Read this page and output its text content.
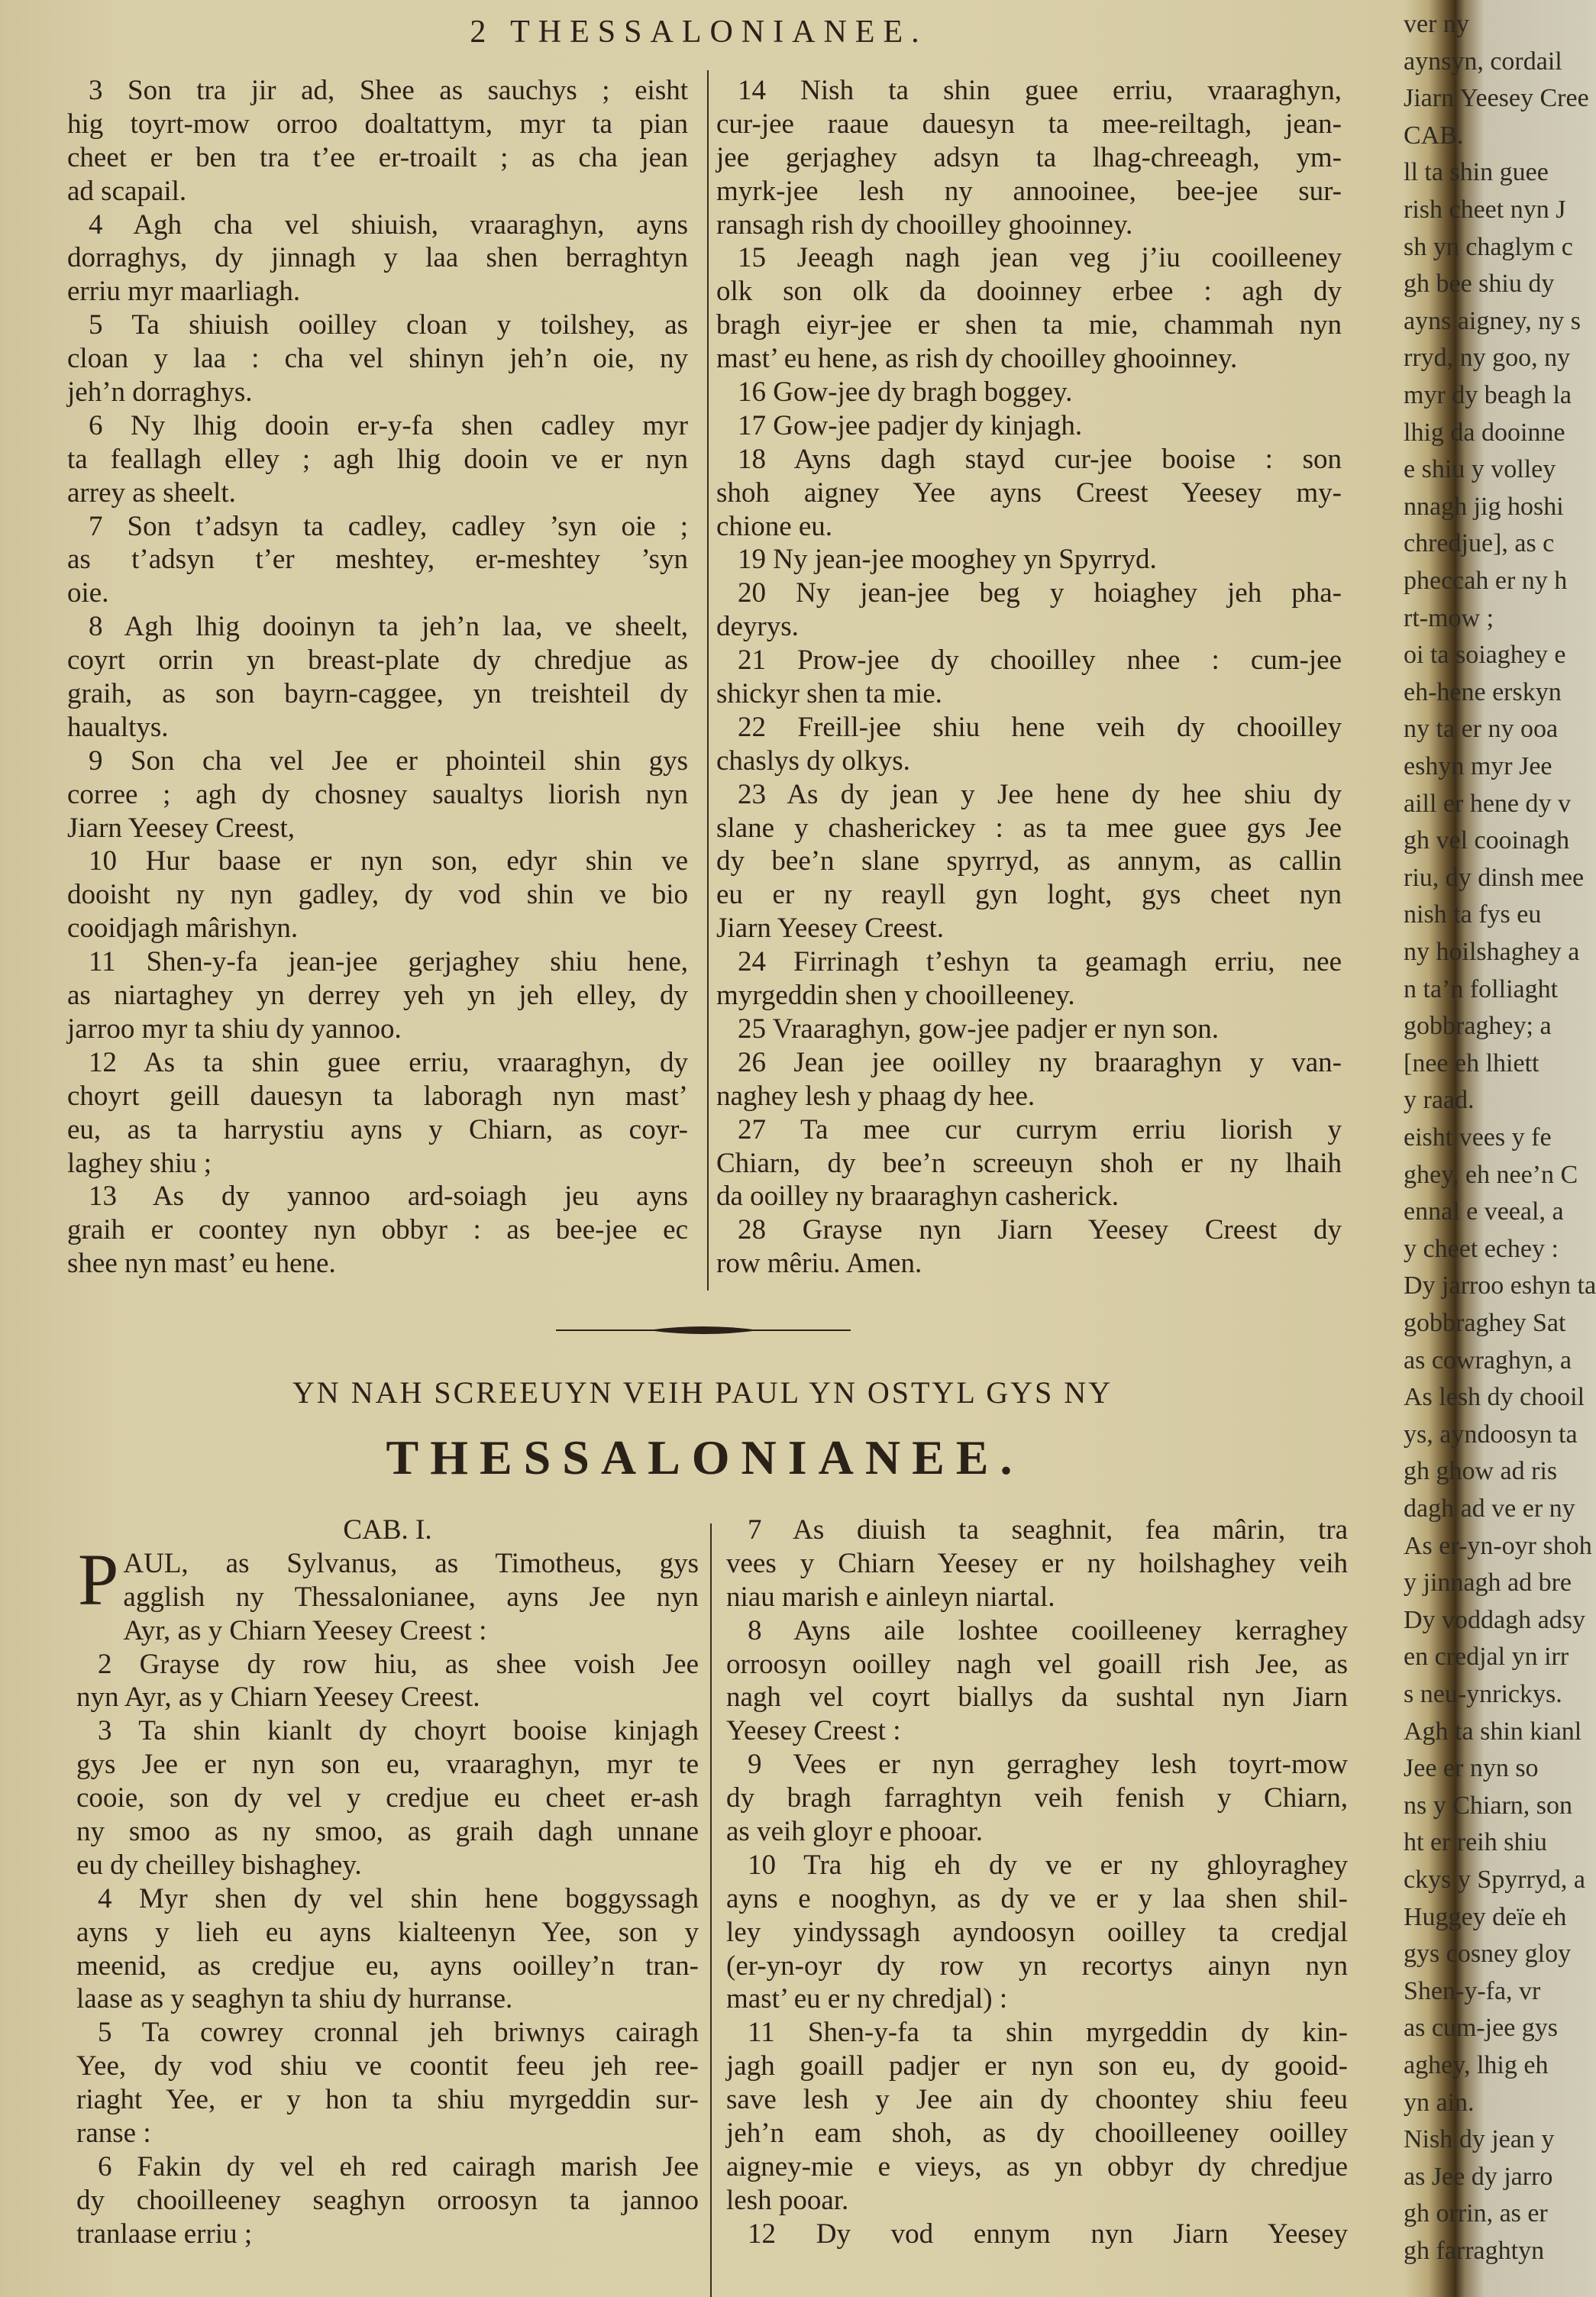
2 THESSALONIANEE.
3 Son tra jir ad, Shee as sauchys ; eisht
hig toyrt-mow orroo doaltattym, myr ta pian
cheet er ben tra t’ee er-troailt ; as cha jean
ad scapail.
4 Agh cha vel shiuish, vraaraghyn, ayns
dorraghys, dy jinnagh y laa shen berraghtyn
erriu myr maarliagh.
5 Ta shiuish ooilley cloan y toilshey, as
cloan y laa : cha vel shinyn jeh’n oie, ny
jeh’n dorraghys.
6 Ny lhig dooin er-y-fa shen cadley myr
ta feallagh elley ; agh lhig dooin ve er nyn
arrey as sheelt.
7 Son t’adsyn ta cadley, cadley ’syn oie ;
as t’adsyn t’er meshtey, er-meshtey ’syn
oie.
8 Agh lhig dooinyn ta jeh’n laa, ve sheelt,
coyrt orrin yn breast-plate dy chredjue as
graih, as son bayrn-caggee, yn treishteil dy
haualtys.
9 Son cha vel Jee er phointeil shin gys
corree ; agh dy chosney saualtys liorish nyn
Jiarn Yeesey Creest,
10 Hur baase er nyn son, edyr shin ve
dooisht ny nyn gadley, dy vod shin ve bio
cooidjagh mârishyn.
11 Shen-y-fa jean-jee gerjaghey shiu hene,
as niartaghey yn derrey yeh yn jeh elley, dy
jarroo myr ta shiu dy yannoo.
12 As ta shin guee erriu, vraaraghyn, dy
choyrt geill dauesyn ta laboragh nyn mast’
eu, as ta harrystiu ayns y Chiarn, as coyr-
laghey shiu ;
13 As dy yannoo ard-soiagh jeu ayns
graih er coontey nyn obbyr : as bee-jee ec
shee nyn mast’ eu hene.
14 Nish ta shin guee erriu, vraaraghyn,
cur-jee raaue dauesyn ta mee-reiltagh, jean-
jee gerjaghey adsyn ta lhag-chreeagh, ym-
myrk-jee lesh ny annooinee, bee-jee sur-
ransagh rish dy chooilley ghooinney.
15 Jeeagh nagh jean veg j’iu cooilleeney
olk son olk da dooinney erbee : agh dy
bragh eiyr-jee er shen ta mie, chammah nyn
mast’ eu hene, as rish dy chooilley ghooinney.
16 Gow-jee dy bragh boggey.
17 Gow-jee padjer dy kinjagh.
18 Ayns dagh stayd cur-jee booise : son
shoh aigney Yee ayns Creest Yeesey my-
chione eu.
19 Ny jean-jee mooghey yn Spyrryd.
20 Ny jean-jee beg y hoiaghey jeh pha-
deyrys.
21 Prow-jee dy chooilley nhee : cum-jee
shickyr shen ta mie.
22 Freill-jee shiu hene veih dy chooilley
chaslys dy olkys.
23 As dy jean y Jee hene dy hee shiu dy
slane y chasherickey : as ta mee guee gys Jee
dy bee’n slane spyrryd, as annym, as callin
eu er ny reayll gyn loght, gys cheet nyn
Jiarn Yeesey Creest.
24 Firrinagh t’eshyn ta geamagh erriu, nee
myrgeddin shen y chooilleeney.
25 Vraaraghyn, gow-jee padjer er nyn son.
26 Jean jee ooilley ny braaraghyn y van-
naghey lesh y phaag dy hee.
27 Ta mee cur currym erriu liorish y
Chiarn, dy bee’n screeuyn shoh er ny lhaih
da ooilley ny braaraghyn casherick.
28 Grayse nyn Jiarn Yeesey Creest dy
row mêriu. Amen.
YN NAH SCREEUYN VEIH PAUL YN OSTYL GYS NY
THESSALONIANEE.
CAB. I.
P AUL, as Sylvanus, as Timotheus, gys
agglish ny Thessalonianee, ayns Jee nyn
Ayr, as y Chiarn Yeesey Creest :
2 Grayse dy row hiu, as shee voish Jee
nyn Ayr, as y Chiarn Yeesey Creest.
3 Ta shin kianlt dy choyrt booise kinjagh
gys Jee er nyn son eu, vraaraghyn, myr te
cooie, son dy vel y credjue eu cheet er-ash
ny smoo as ny smoo, as graih dagh unnane
eu dy cheilley bishaghey.
4 Myr shen dy vel shin hene boggyssagh
ayns y lieh eu ayns kialteenyn Yee, son y
meenid, as credjue eu, ayns ooilley’n tran-
laase as y seaghyn ta shiu dy hurranse.
5 Ta cowrey cronnal jeh briwnys cairagh
Yee, dy vod shiu ve coontit feeu jeh ree-
riaght Yee, er y hon ta shiu myrgeddin sur-
ranse :
6 Fakin dy vel eh red cairagh marish Jee
dy chooilleeney seaghyn orroosyn ta jannoo
tranlaase erriu ;
7 As diuish ta seaghnit, fea mârin, tra
vees y Chiarn Yeesey er ny hoilshaghey veih
niau marish e ainleyn niartal.
8 Ayns aile loshtee cooilleeney kerraghey
orroosyn ooilley nagh vel goaill rish Jee, as
nagh vel coyrt biallys da sushtal nyn Jiarn
Yeesey Creest :
9 Vees er nyn gerraghey lesh toyrt-mow
dy bragh farraghtyn veih fenish y Chiarn,
as veih gloyr e phooar.
10 Tra hig eh dy ve er ny ghloyraghey
ayns e nooghyn, as dy ve er y laa shen shil-
ley yindyssagh ayndoosyn ooilley ta credjal
(er-yn-oyr dy row yn recortys ainyn nyn
mast’ eu er ny chredjal) :
11 Shen-y-fa ta shin myrgeddin dy kin-
jagh goaill padjer er nyn son eu, dy gooid-
save lesh y Jee ain dy choontey shiu feeu
jeh’n eam shoh, as dy chooilleeney ooilley
aigney-mie e vieys, as yn obbyr dy chredjue
lesh pooar.
12 Dy vod ennym nyn Jiarn Yeesey
ver ny
aynsyn, cordail
Jiarn Yeesey Cree
CAB.
ll ta shin guee
rish cheet nyn J
sh yn chaglym c
gh bee shiu dy
ayns aigney, ny s
rryd, ny goo, ny
myr dy beagh la
lhig da dooinne
e shiu y volley
nnagh jig hoshi
chredjue], as c
pheccah er ny h
rt-mow ;
oi ta soiaghey e
eh-hene erskyn
ny ta er ny ooa
eshyn myr Jee
aill er hene dy v
gh vel cooinagh
riu, dy dinsh mee
nish ta fys eu
ny hoilshaghey a
n ta’n folliaght
gobbraghey; a
[nee eh lhiett
y raad.
eisht vees y fe
ghey, eh nee’n C
ennal e veeal, a
y cheet echey :
Dy jarroo eshyn ta
gobbraghey Sat
as cowraghyn, a
As lesh dy chooil
ys, ayndoosyn ta
gh ghow ad ris
dagh ad ve er ny
As er-yn-oyr shoh
y jinnagh ad bre
Dy voddagh adsy
en credjal yn irr
s neu-ynrickys.
Agh ta shin kianl
Jee er nyn so
ns y Chiarn, son
ht er reih shiu
ckys y Spyrryd, a
Huggey deïe eh
gys cosney gloy
Shen-y-fa, vr
as cum-jee gys
aghey, lhig eh
yn ain.
Nish dy jean y
as Jee dy jarro
gh orrin, as er
gh farraghtyn
